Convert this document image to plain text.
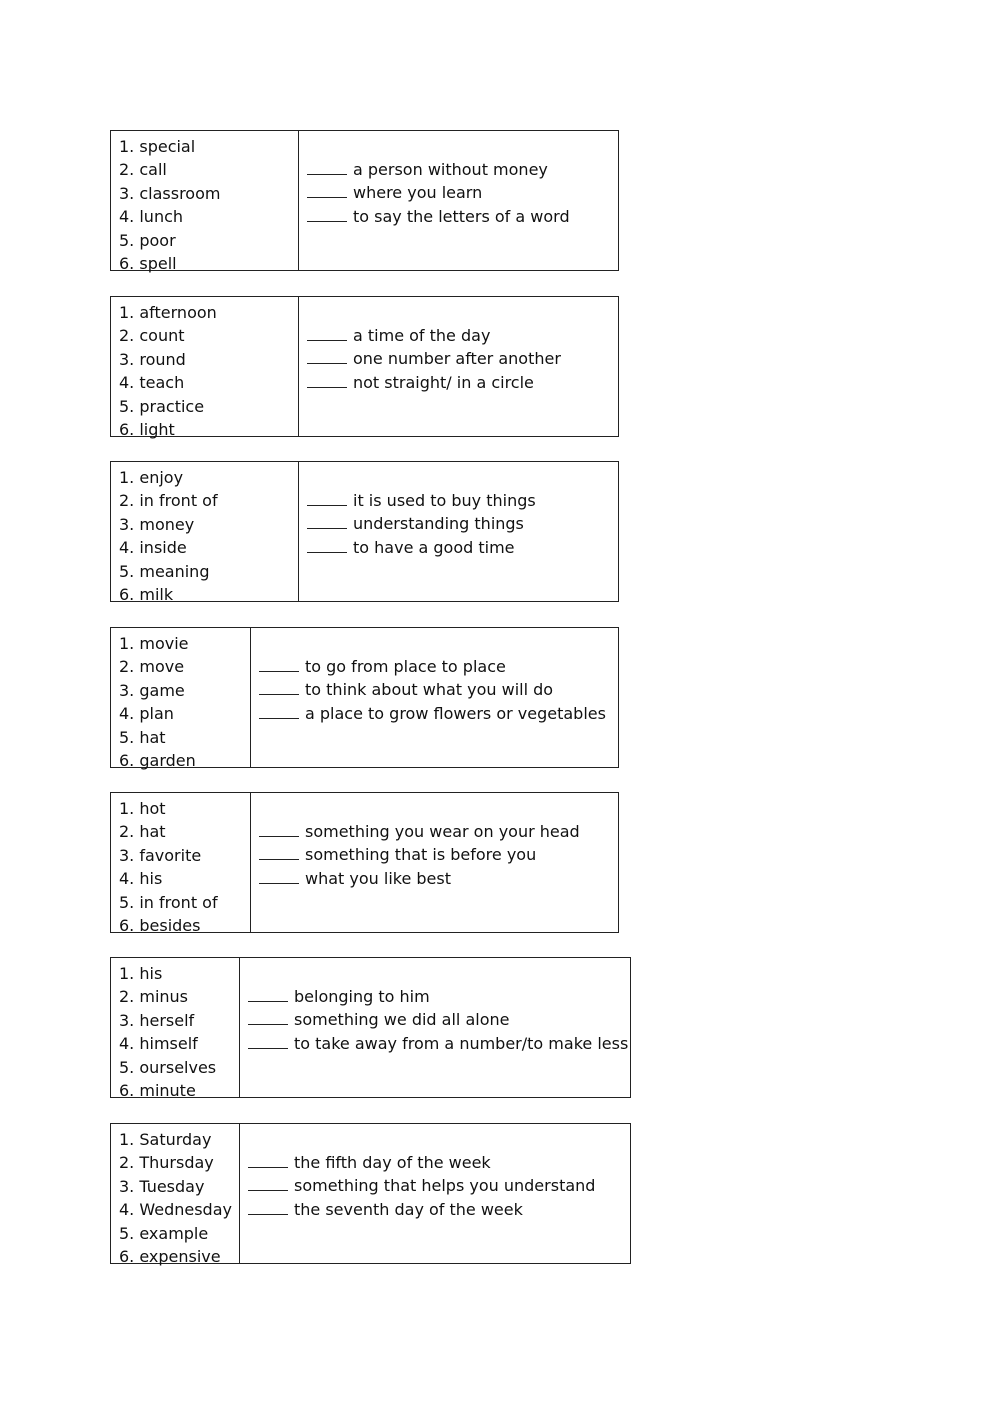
1. special
2. call
3. classroom
4. lunch
5. poor
6. spell
a person without money
where you learn
to say the letters of a word
1. afternoon
2. count
3. round
4. teach
5. practice
6. light
a time of the day
one number after another
not straight/ in a circle
1. enjoy
2. in front of
3. money
4. inside
5. meaning
6. milk
it is used to buy things
understanding things
to have a good time
1. movie
2. move
3. game
4. plan
5. hat
6. garden
to go from place to place
to think about what you will do
a place to grow flowers or vegetables
1. hot
2. hat
3. favorite
4. his
5. in front of
6. besides
something you wear on your head
something that is before you
what you like best
1. his
2. minus
3. herself
4. himself
5. ourselves
6. minute
belonging to him
something we did all alone
to take away from a number/to make less
1. Saturday
2. Thursday
3. Tuesday
4. Wednesday
5. example
6. expensive
the fifth day of the week
something that helps you understand
the seventh day of the week
